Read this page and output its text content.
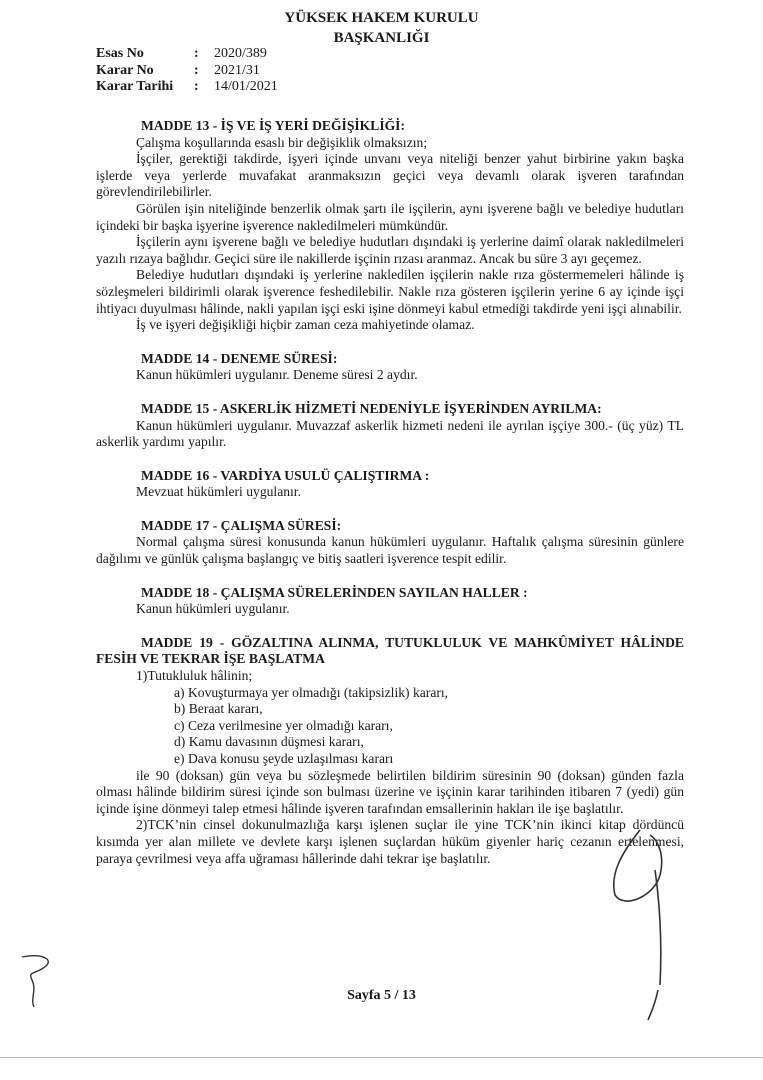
YÜKSEK HAKEM KURULU
BAŞKANLIĞI
Esas No	:	2020/389
Karar No	:	2021/31
Karar Tarihi	:	14/01/2021
MADDE 13 - İŞ VE İŞ YERİ DEĞİŞİKLİĞİ:
Çalışma koşullarında esaslı bir değişiklik olmaksızın;
İşçiler, gerektiği takdirde, işyeri içinde unvanı veya niteliği benzer yahut birbirine yakın başka işlerde veya yerlerde muvafakat aranmaksızın geçici veya devamlı olarak işveren tarafından görevlendirilebilirler.
Görülen işin niteliğinde benzerlik olmak şartı ile işçilerin, aynı işverene bağlı ve belediye hudutları içindeki bir başka işyerine işverence nakledilmeleri mümkündür.
İşçilerin aynı işverene bağlı ve belediye hudutları dışındaki iş yerlerine daimî olarak nakledilmeleri yazılı rızaya bağlıdır. Geçici süre ile nakillerde işçinin rızası aranmaz. Ancak bu süre 3 ayı geçemez.
Belediye hudutları dışındaki iş yerlerine nakledilen işçilerin nakle rıza göstermemeleri hâlinde iş sözleşmeleri bildirimli olarak işverence feshedilebilir. Nakle rıza gösteren işçilerin yerine 6 ay içinde işçi ihtiyacı duyulması hâlinde, nakli yapılan işçi eski işine dönmeyi kabul etmediği takdirde yeni işçi alınabilir.
İş ve işyeri değişikliği hiçbir zaman ceza mahiyetinde olamaz.
MADDE 14 - DENEME SÜRESİ:
Kanun hükümleri uygulanır. Deneme süresi 2 aydır.
MADDE 15 - ASKERLİK HİZMETİ NEDENİYLE İŞYERİNDEN AYRILMA:
Kanun hükümleri uygulanır. Muvazzaf askerlik hizmeti nedeni ile ayrılan işçiye 300.- (üç yüz) TL askerlik yardımı yapılır.
MADDE 16 - VARDİYA USULÜ ÇALIŞTIRMA :
Mevzuat hükümleri uygulanır.
MADDE 17 - ÇALIŞMA SÜRESİ:
Normal çalışma süresi konusunda kanun hükümleri uygulanır. Haftalık çalışma süresinin günlere dağılımı ve günlük çalışma başlangıç ve bitiş saatleri işverence tespit edilir.
MADDE 18 - ÇALIŞMA SÜRELERİNDEN SAYILAN HALLER :
Kanun hükümleri uygulanır.
MADDE 19 - GÖZALTINA ALINMA, TUTUKLULUK VE MAHKÛMİYET HÂLİNDE FESİH VE TEKRAR İŞE BAŞLATMA
1)Tutukluluk hâlinin;
a) Kovuşturmaya yer olmadığı (takipsizlik) kararı,
b) Beraat kararı,
c) Ceza verilmesine yer olmadığı kararı,
d) Kamu davasının düşmesi kararı,
e) Dava konusu şeyde uzlaşılması kararı
ile 90 (doksan) gün veya bu sözleşmede belirtilen bildirim süresinin 90 (doksan) günden fazla olması hâlinde bildirim süresi içinde son bulması üzerine ve işçinin karar tarihinden itibaren 7 (yedi) gün içinde işine dönmeyi talep etmesi hâlinde işveren tarafından emsallerinin hakları ile işe başlatılır.
2)TCK’nin cinsel dokunulmazlığa karşı işlenen suçlar ile yine TCK’nin ikinci kitap dördüncü kısımda yer alan millete ve devlete karşı işlenen suçlardan hüküm giyenler hariç cezanın ertelenmesi, paraya çevrilmesi veya affa uğraması hâllerinde dahi tekrar işe başlatılır.
Sayfa 5 / 13
